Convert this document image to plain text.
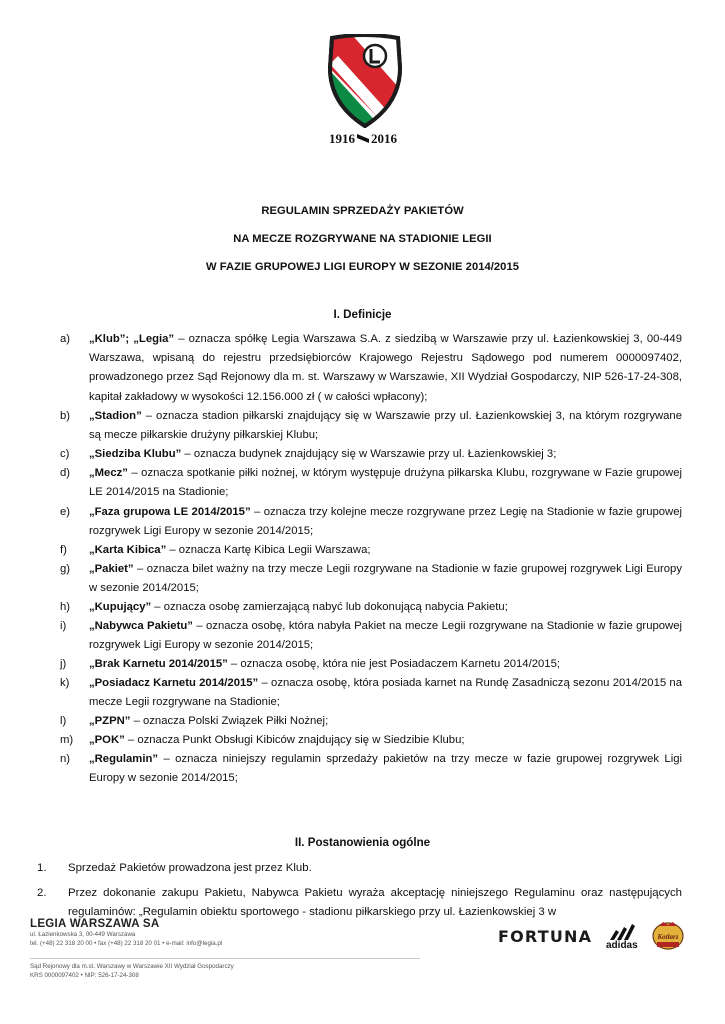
1916 2016
REGULAMIN SPRZEDAŻY PAKIETÓW
NA MECZE ROZGRYWANE NA STADIONIE LEGII
W FAZIE GRUPOWEJ LIGI EUROPY W SEZONIE 2014/2015
I. Definicje
a) „Klub”; „Legia” – oznacza spółkę Legia Warszawa S.A. z siedzibą w Warszawie przy ul. Łazienkowskiej 3, 00-449 Warszawa, wpisaną do rejestru przedsiębiorców Krajowego Rejestru Sądowego pod numerem 0000097402, prowadzonego przez Sąd Rejonowy dla m. st. Warszawy w Warszawie, XII Wydział Gospodarczy, NIP 526-17-24-308, kapitał zakładowy w wysokości 12.156.000 zł ( w całości wpłacony);
b) „Stadion” – oznacza stadion piłkarski znajdujący się w Warszawie przy ul. Łazienkowskiej 3, na którym rozgrywane są mecze piłkarskie drużyny piłkarskiej Klubu;
c) „Siedziba Klubu” – oznacza budynek znajdujący się w Warszawie przy ul. Łazienkowskiej 3;
d) „Mecz” – oznacza spotkanie piłki nożnej, w którym występuje drużyna piłkarska Klubu, rozgrywane w Fazie grupowej LE 2014/2015 na Stadionie;
e) „Faza grupowa LE 2014/2015” – oznacza trzy kolejne mecze rozgrywane przez Legię na Stadionie w fazie grupowej rozgrywek Ligi Europy w sezonie 2014/2015;
f) „Karta Kibica” – oznacza Kartę Kibica Legii Warszawa;
g) „Pakiet” – oznacza bilet ważny na trzy mecze Legii rozgrywane na Stadionie w fazie grupowej rozgrywek Ligi Europy w sezonie 2014/2015;
h) „Kupujący” – oznacza osobę zamierzającą nabyć lub dokonującą nabycia Pakietu;
i) „Nabywca Pakietu” – oznacza osobę, która nabyła Pakiet na mecze Legii rozgrywane na Stadionie w fazie grupowej rozgrywek Ligi Europy w sezonie 2014/2015;
j) „Brak Karnetu 2014/2015” – oznacza osobę, która nie jest Posiadaczem Karnetu 2014/2015;
k) „Posiadacz Karnetu 2014/2015” – oznacza osobę, która posiada karnet na Rundę Zasadniczą sezonu 2014/2015 na mecze Legii rozgrywane na Stadionie;
l) „PZPN” – oznacza Polski Związek Piłki Nożnej;
m) „POK” – oznacza Punkt Obsługi Kibiców znajdujący się w Siedzibie Klubu;
n) „Regulamin” – oznacza niniejszy regulamin sprzedaży pakietów na trzy mecze w fazie grupowej rozgrywek Ligi Europy w sezonie 2014/2015;
II. Postanowienia ogólne
1. Sprzedaż Pakietów prowadzona jest przez Klub.
2. Przez dokonanie zakupu Pakietu, Nabywca Pakietu wyraża akceptację niniejszego Regulaminu oraz następujących regulaminów: „Regulamin obiektu sportowego - stadionu piłkarskiego przy ul. Łazienkowskiej 3 w
LEGIA WARSZAWA SA
ul. Łazienkowska 3, 00-449 Warszawa
tel. (+48) 22 318 20 00 • fax (+48) 22 318 20 01 • e-mail: info@legia.pl
Sąd Rejonowy dla m.st. Warszawy w Warszawie XII Wydział Gospodarczy
KRS 0000097402 • NIP: 526-17-24-308
FORTUNA adidas
Kotlarz
